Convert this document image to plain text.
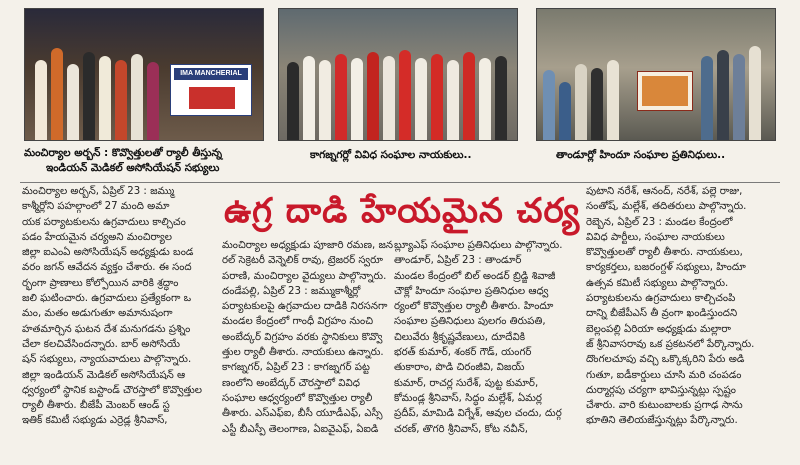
IMA MANCHERIAL
మంచిర్యాల అర్బన్ : కొవ్వొత్తులతో ర్యాలీ తీస్తున్న
ఇండియన్ మెడికల్ అసోసియేషన్ సభ్యులు
కాగజ్నగర్లో వివిధ సంఘాల నాయకులు..	తాండూర్లో హిందూ సంఘాల ప్రతినిధులు..
ఉగ్ర దాడి హేయమైన చర్య

మంచిర్యాల అర్బన్, ఏప్రిల్ 23 : జమ్ము

కాశ్మీర్లోని పహల్గాంలో 27 మంది అమా

యక పర్యాటకులను ఉగ్రవాదులు కాల్చిచం

పడం హేయమైన చర్యఅని మంచిర్యాల

జిల్లా ఐఎంఏ అసోసియేషన్ అధ్యక్షుడు బండ

వరం జగన్ ఆవేదన వ్యక్తం చేశారు. ఈ సంద

ర్భంగా ప్రాణాలు కోల్పోయిన వారికి శ్రద్ధాం

జలి ఘటించారు. ఉగ్రవాదులు ప్రత్యేకంగా ఒ

మం, మతం అడుగుతూ అమానుషంగా

హతమార్చిన ఘటన దేశ మనుగడను ప్రశ్నిం

చేలా కలచివేసిందన్నారు. బార్ అసోసియే

షన్ సభ్యులు, న్యాయవాదులు పాల్గొన్నారు.

జిల్లా ఇండియన్ మెడికల్ అసోసియేషన్ ఆ

ధ్వర్యంలో స్థానిక బస్టాండ్ చౌరస్తాలో కొవ్వొత్తుల

ర్యాలీ తీశారు. బీజేపీ మెంబర్ ఆండ్ స్ట

ఇతిక్ కమిటీ సభ్యుడు ఎర్రెడ్ల శ్రీనివాస్,

మంచిర్యాల అధ్యక్షుడు పూజారి రమణ, జన

రల్ సెక్రెటరీ వెన్నెలిక్ రావు, ట్రెజరర్ స్వరూ

పరాణి, మంచిర్యాల వైద్యులు పాల్గొన్నారు.

దండేపల్లి, ఏప్రిల్ 23 : జమ్ముకాశ్మీర్లో

పర్యాటకులపై ఉగ్రవాదుల దాడికి నిరసనగా

మండల కేంద్రంలో గాంధీ విగ్రహం నుంచి

అంబేద్కర్ విగ్రహం వరకు స్థానికులు కొవ్వొ

త్తుల ర్యాలీ తీశారు. నాయకులు ఉన్నారు.

కాగజ్నగర్, ఏప్రిల్ 23 : కాగజ్నగర్ పట్ట

ణంలోని అంబేద్కర్ చౌరస్తాలో వివిధ

సంఘాల ఆధ్వర్యంలో కొవ్వొత్తుల ర్యాలీ

తీశారు. ఎస్ఎఫ్ఐ, బీసీ యూడీఎఫ్, ఎస్సీ

ఎస్టీ బీఎస్పీ తెలంగాణ, ఏఐవైఎఫ్, ఏఐడి

బ్ల్యూఎఫ్ సంఘాల ప్రతినిధులు పాల్గొన్నారు.

తాండూర్, ఏప్రిల్ 23 : తాండూర్

మండల కేంద్రంలో బిల్ అండర్ బ్రిడ్జి శివాజీ

చౌక్లో హిందూ సంఘాల ప్రతినిధుల ఆధ్వ

ర్యంలో కొవ్వొత్తుల ర్యాలీ తీశారు. హిందూ

సంఘాల ప్రతినిధులు పులగం తిరుపతి,

చిలువేరు శ్రీకృష్ణవేణులు, దూదేవికి

భరత్ కుమార్, శంకర్ గౌడ్, యంగర్

తుకారాం, పొడి చిరంజీవి, విజయ్

కుమార్, రాచర్ల సురేశ్, పుట్ట కుమార్,

కోమండ్ల శ్రీనివాస్, సిద్ధం మల్లేశ్, ఏమర్ల

ప్రదీప్, మామిడి విగ్నేశ్, ఆవుల చందు, దుర్గ

చరణ్, తొగరి శ్రీనివాస్, కోట నవీన్,

పుటాని నరేశ్, ఆనంద్, నరేశ్, పల్లె రాజు,

సంతోష్, మల్లేశ్, తదితరులు పాల్గొన్నారు.

రెబ్బెన, ఏప్రిల్ 23 : మండల కేంద్రంలో

వివిధ పార్టీలు, సంఘాల నాయకులు

కొవ్వొత్తులతో ర్యాలీ తీశారు. నాయకులు,

కార్యకర్తలు, బజరంగ్దళ్ సభ్యులు, హిందూ

ఉత్సవ కమిటీ సభ్యులు పాల్గొన్నారు.

పర్యాటకులను ఉగ్రవాదులు కాల్చిచంపి

దాన్ని బీజేపీఎస్ తీ వ్రంగా ఖండిస్తుందని

బెల్లంపల్లి ఏరియా అధ్యక్షుడు మల్లారా

జ్ శ్రీనివాసరావు ఒక ప్రకటనలో పేర్కొన్నారు.

దొంగలచూపు వచ్చి ఒక్కొక్కరిని పేరు అడి

గుతూ, ఐడీకార్డులు చూసి మరి చంపడం

దుర్మార్గపు చర్యగా భావిస్తున్నట్లు స్పష్టం

చేశారు. వారి కుటుంబాలకు ప్రగాఢ సాను

భూతిని తెలియజేస్తున్నట్లు పేర్కొన్నారు.
